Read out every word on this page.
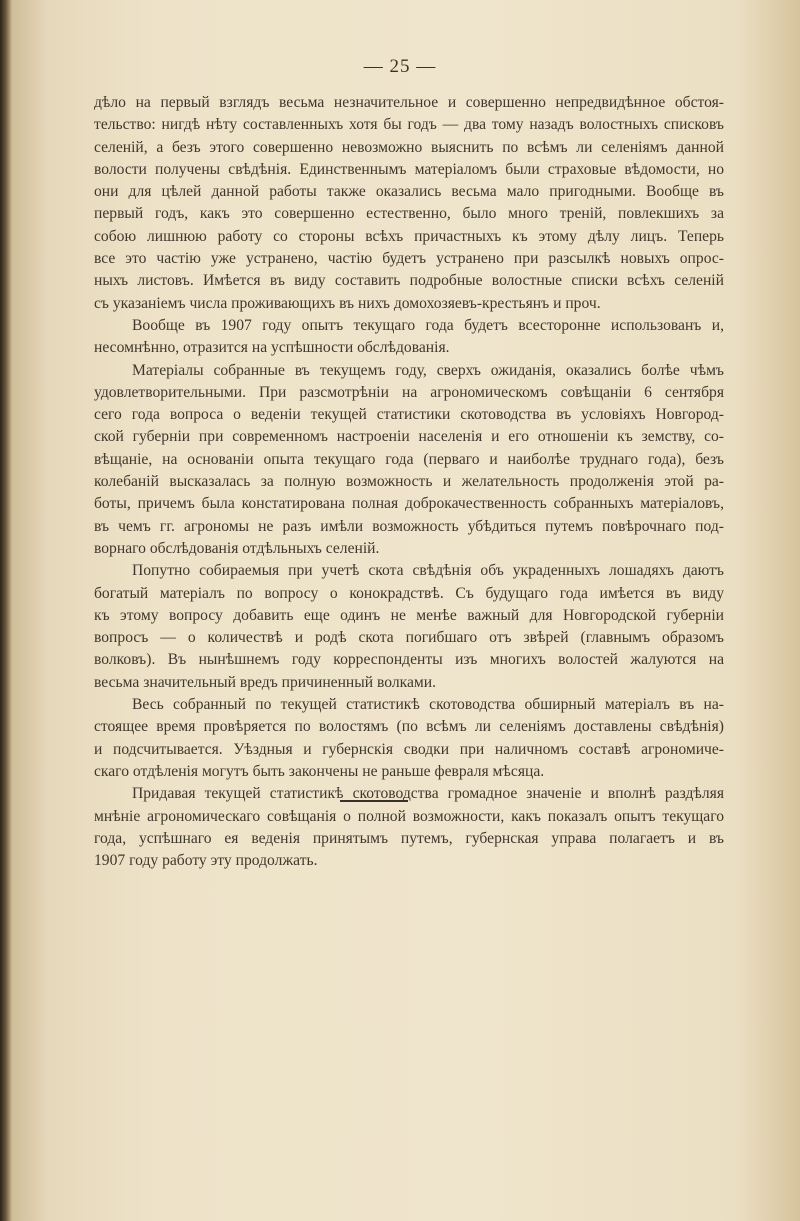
— 25 —
дѣло на первый взглядъ весьма незначительное и совершенно непредвидѣнное обстоя-
тельство: нигдѣ нѣту составленныхъ хотя бы годъ — два тому назадъ волостныхъ списковъ
селеній, а безъ этого совершенно невозможно выяснить по всѣмъ ли селеніямъ данной
волости получены свѣдѣнія. Единственнымъ матеріаломъ были страховые вѣдомости, но
они для цѣлей данной работы также оказались весьма мало пригодными. Вообще въ
первый годъ, какъ это совершенно естественно, было много треній, повлекшихъ за
собою лишнюю работу со стороны всѣхъ причастныхъ къ этому дѣлу лицъ. Теперь
все это частію уже устранено, частію будетъ устранено при разсылкѣ новыхъ опрос-
ныхъ листовъ. Имѣется въ виду составить подробные волостные списки всѣхъ селеній
съ указаніемъ числа проживающихъ въ нихъ домохозяевъ-крестьянъ и проч.
Вообще въ 1907 году опытъ текущаго года будетъ всесторонне использованъ и,
несомнѣнно, отразится на успѣшности обслѣдованія.
Матеріалы собранные въ текущемъ году, сверхъ ожиданія, оказались болѣе чѣмъ
удовлетворительными. При разсмотрѣніи на агрономическомъ совѣщаніи 6 сентября
сего года вопроса о веденіи текущей статистики скотоводства въ условіяхъ Новгород-
ской губерніи при современномъ настроеніи населенія и его отношеніи къ земству, со-
вѣщаніе, на основаніи опыта текущаго года (перваго и наиболѣе труднаго года), безъ
колебаній высказалась за полную возможность и желательность продолженія этой ра-
боты, причемъ была констатирована полная доброкачественность собранныхъ матеріаловъ,
въ чемъ гг. агрономы не разъ имѣли возможность убѣдиться путемъ повѣрочнаго под-
ворнаго обслѣдованія отдѣльныхъ селеній.
Попутно собираемыя при учетѣ скота свѣдѣнія объ украденныхъ лошадяхъ даютъ
богатый матеріалъ по вопросу о конокрадствѣ. Съ будущаго года имѣется въ виду
къ этому вопросу добавить еще одинъ не менѣе важный для Новгородской губерніи
вопросъ — о количествѣ и родѣ скота погибшаго отъ звѣрей (главнымъ образомъ
волковъ). Въ нынѣшнемъ году корреспонденты изъ многихъ волостей жалуются на
весьма значительный вредъ причиненный волками.
Весь собранный по текущей статистикѣ скотоводства обширный матеріалъ въ на-
стоящее время провѣряется по волостямъ (по всѣмъ ли селеніямъ доставлены свѣдѣнія)
и подсчитывается. Уѣздныя и губернскія сводки при наличномъ составѣ агрономиче-
скаго отдѣленія могутъ быть закончены не раньше февраля мѣсяца.
Придавая текущей статистикѣ скотоводства громадное значеніе и вполнѣ раздѣляя
мнѣніе агрономическаго совѣщанія о полной возможности, какъ показалъ опытъ текущаго
года, успѣшнаго ея веденія принятымъ путемъ, губернская управа полагаетъ и въ
1907 году работу эту продолжать.
